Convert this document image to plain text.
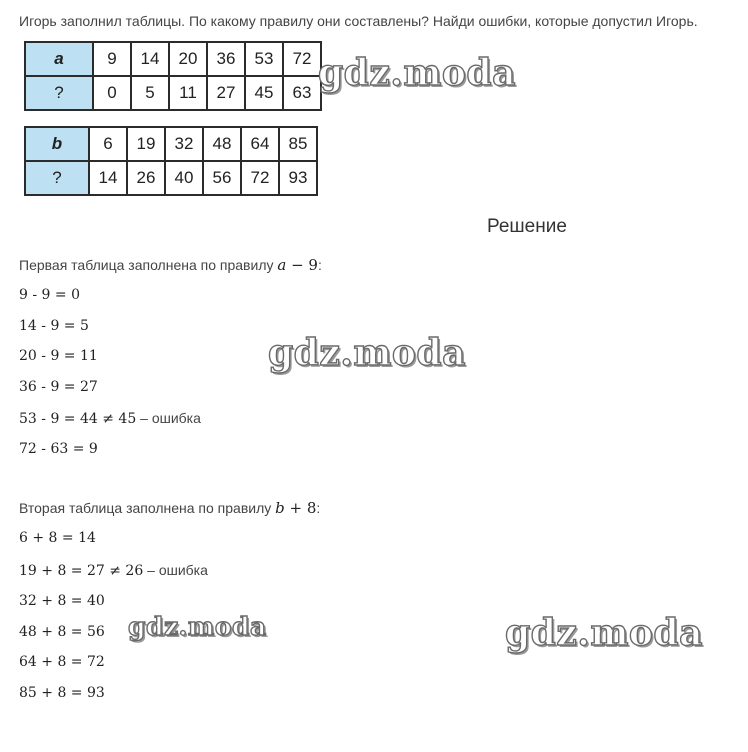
Игорь заполнил таблицы. По какому правилу они составлены? Найди ошибки, которые допустил Игорь.
a	9	14	20	36	53	72
?	0	5	11	27	45	63
b	6	19	32	48	64	85
?	14	26	40	56	72	93
Решение
Первая таблица заполнена по правилу a − 9:
9 - 9 = 0
14 - 9 = 5
20 - 9 = 11
36 - 9 = 27
53 - 9 = 44 ≠ 45 – ошибка
72 - 63 = 9
Вторая таблица заполнена по правилу b + 8:
6 + 8 = 14
19 + 8 = 27 ≠ 26 – ошибка
32 + 8 = 40
48 + 8 = 56
64 + 8 = 72
85 + 8 = 93
gdz.moda
gdz.moda
gdz.moda	gdz.moda
